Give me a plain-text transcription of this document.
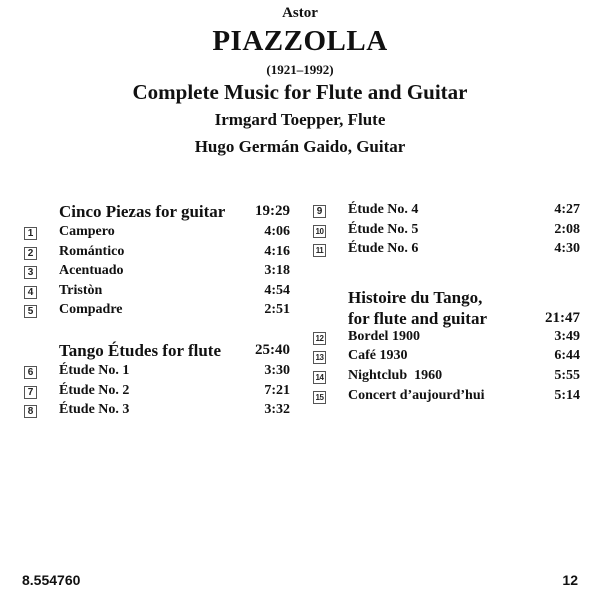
Astor
PIAZZOLLA
(1921–1992)
Complete Music for Flute and Guitar
Irmgard Toepper, Flute
Hugo Germán Gaido, Guitar
Cinco Piezas for guitar 19:29
1 Campero	4:06
2 Romántico	4:16
3 Acentuado	3:18
4 Tristòn	4:54
5 Compadre	2:51
Tango Études for flute 25:40
6 Étude No. 1	3:30
7 Étude No. 2	7:21
8 Étude No. 3	3:32
9 Étude No. 4	4:27
10 Étude No. 5	2:08
11 Étude No. 6	4:30
Histoire du Tango,
for flute and guitar	21:47
12 Bordel 1900	3:49
13 Café 1930	6:44
14 Nightclub  1960	5:55
15 Concert d’aujourd’hui	5:14
8.554760	12
